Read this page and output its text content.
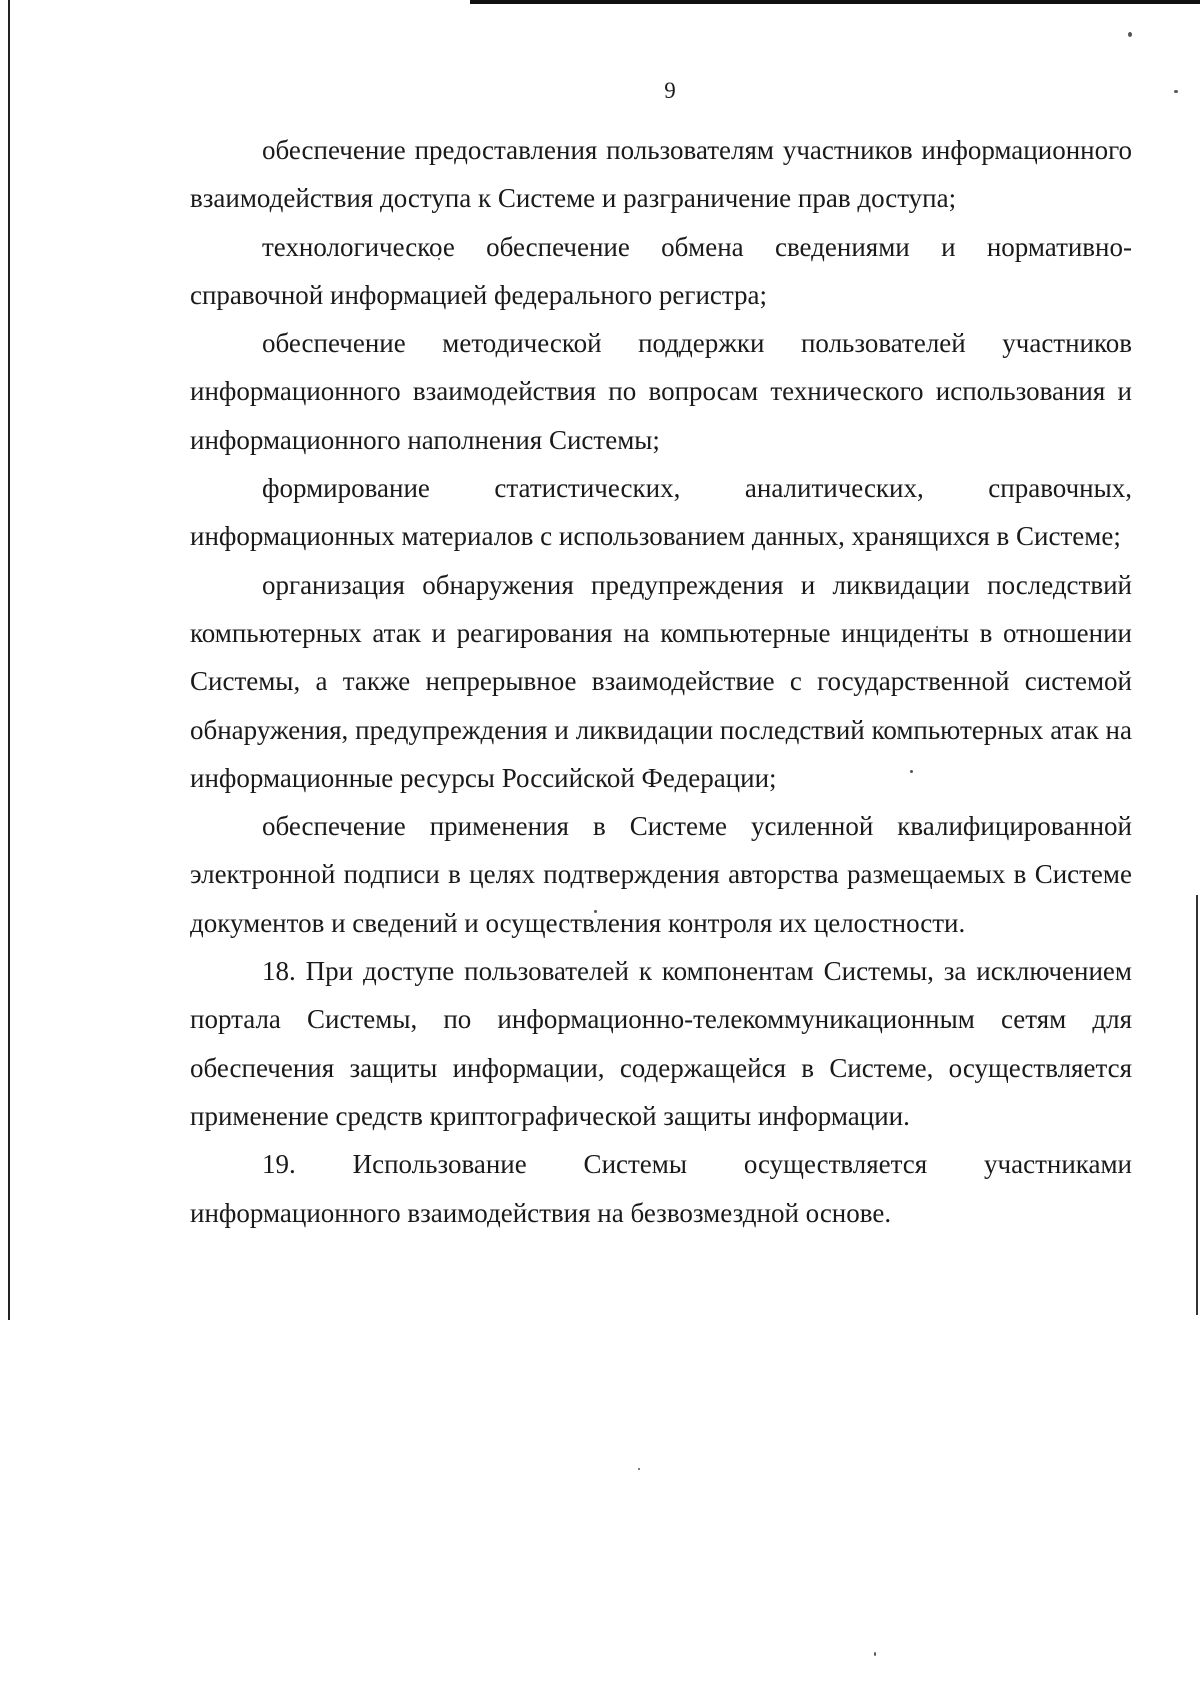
9

обеспечение предоставления пользователям участников информационного взаимодействия доступа к Системе и разграничение прав доступа;

технологическое обеспечение обмена сведениями и нормативно-справочной информацией федерального регистра;

обеспечение методической поддержки пользователей участников информационного взаимодействия по вопросам технического использования и информационного наполнения Системы;

формирование статистических, аналитических, справочных, информационных материалов с использованием данных, хранящихся в Системе;

организация обнаружения предупреждения и ликвидации последствий компьютерных атак и реагирования на компьютерные инциденты в отношении Системы, а также непрерывное взаимодействие с государственной системой обнаружения, предупреждения и ликвидации последствий компьютерных атак на информационные ресурсы Российской Федерации;

обеспечение применения в Системе усиленной квалифицированной электронной подписи в целях подтверждения авторства размещаемых в Системе документов и сведений и осуществления контроля их целостности.

18. При доступе пользователей к компонентам Системы, за исключением портала Системы, по информационно-телекоммуникационным сетям для обеспечения защиты информации, содержащейся в Системе, осуществляется применение средств криптографической защиты информации.

19. Использование Системы осуществляется участниками информационного взаимодействия на безвозмездной основе.
